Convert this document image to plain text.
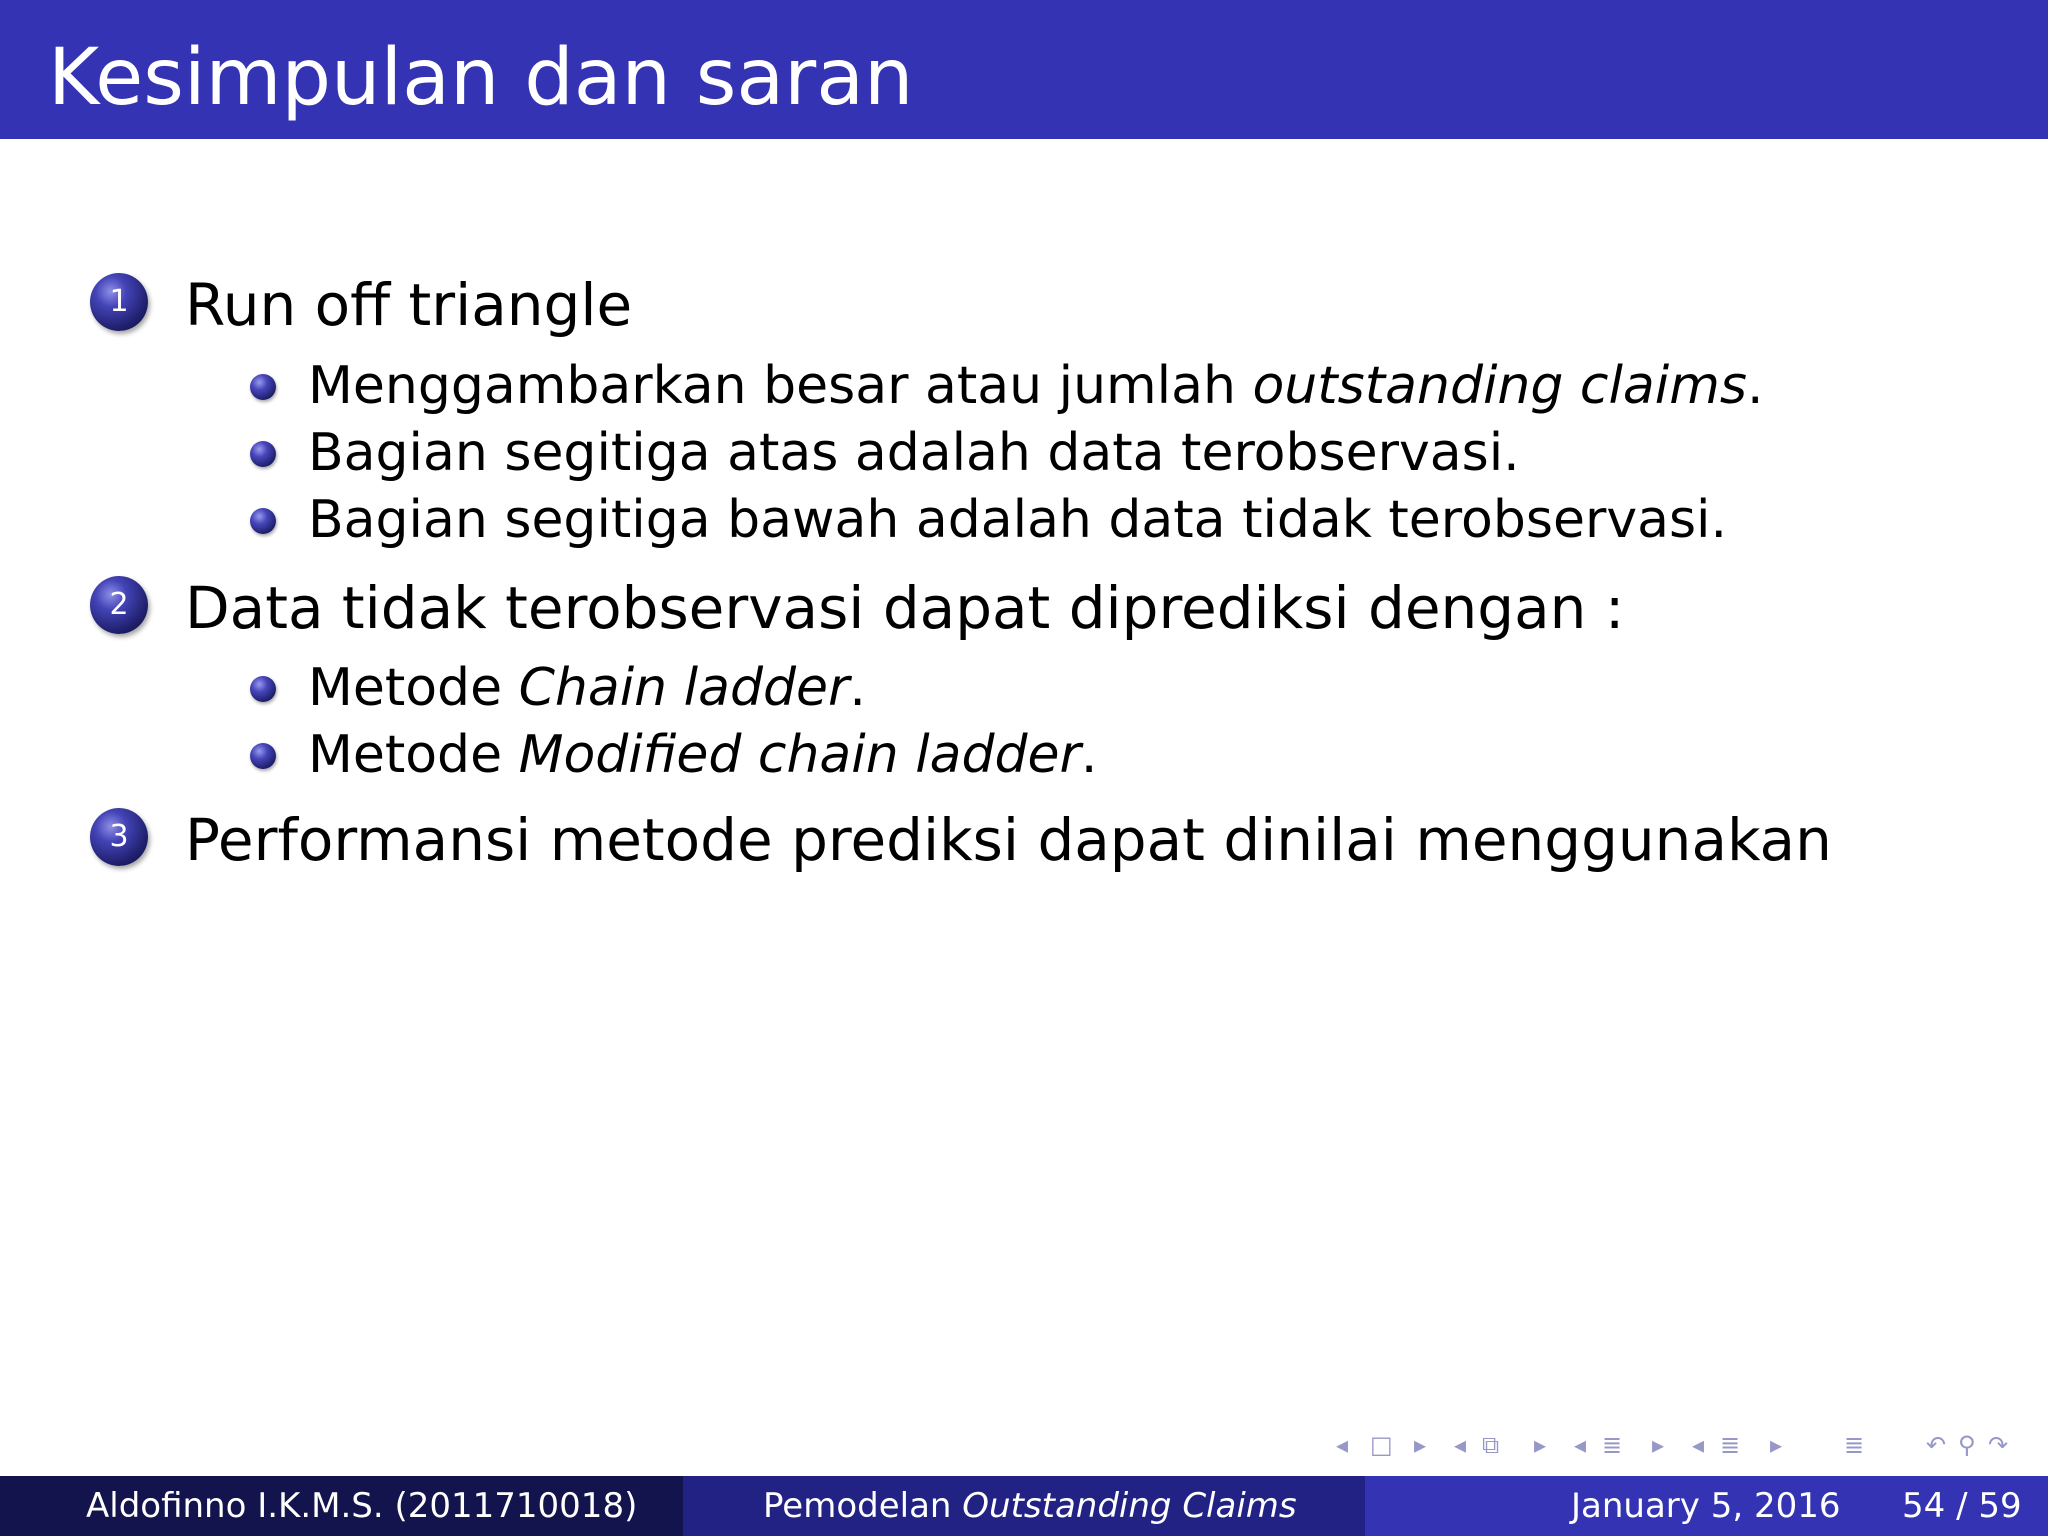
Kesimpulan dan saran
1 Run off triangle
Menggambarkan besar atau jumlah outstanding claims.
Bagian segitiga atas adalah data terobservasi.
Bagian segitiga bawah adalah data tidak terobservasi.
2 Data tidak terobservasi dapat diprediksi dengan :
Metode Chain ladder.
Metode Modified chain ladder.
3 Performansi metode prediksi dapat dinilai menggunakan
◂ □ ▸ ◂ ⧉ ▸ ◂ ≣ ▸ ◂ ≣ ▸	≣	↶ ⚲ ↷
Aldofinno I.K.M.S. (2011710018)	Pemodelan Outstanding Claims	January 5, 2016 54 / 59
